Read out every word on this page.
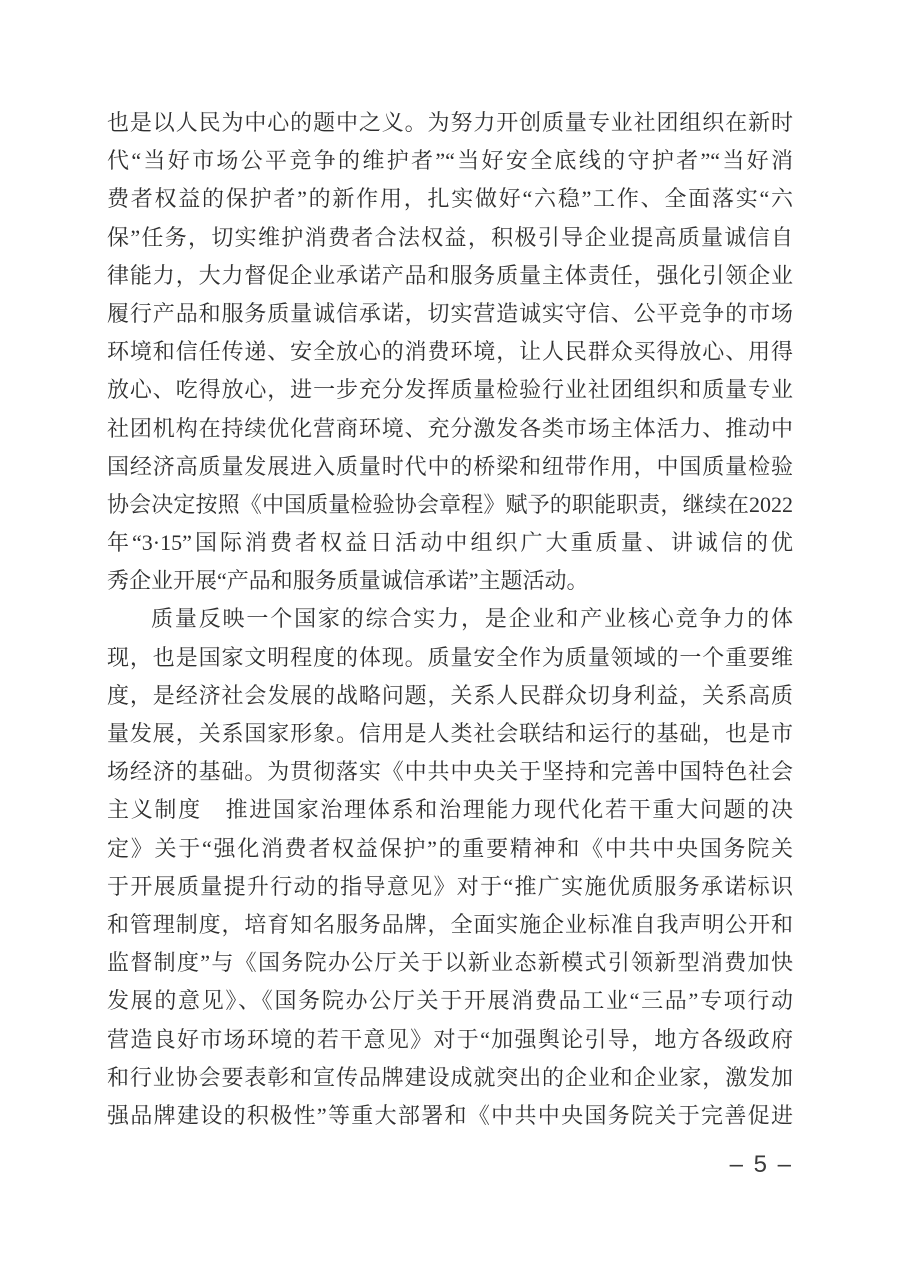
也是以人民为中心的题中之义。为努力开创质量专业社团组织在新时
代“当好市场公平竞争的维护者”“当好安全底线的守护者”“当好消
费者权益的保护者”的新作用，扎实做好“六稳”工作、全面落实“六
保”任务，切实维护消费者合法权益，积极引导企业提高质量诚信自
律能力，大力督促企业承诺产品和服务质量主体责任，强化引领企业
履行产品和服务质量诚信承诺，切实营造诚实守信、公平竞争的市场
环境和信任传递、安全放心的消费环境，让人民群众买得放心、用得
放心、吃得放心，进一步充分发挥质量检验行业社团组织和质量专业
社团机构在持续优化营商环境、充分激发各类市场主体活力、推动中
国经济高质量发展进入质量时代中的桥梁和纽带作用，中国质量检验
协会决定按照《中国质量检验协会章程》赋予的职能职责，继续在2022
年“3·15”国际消费者权益日活动中组织广大重质量、讲诚信的优
秀企业开展“产品和服务质量诚信承诺”主题活动。
质量反映一个国家的综合实力，是企业和产业核心竞争力的体
现，也是国家文明程度的体现。质量安全作为质量领域的一个重要维
度，是经济社会发展的战略问题，关系人民群众切身利益，关系高质
量发展，关系国家形象。信用是人类社会联结和运行的基础，也是市
场经济的基础。为贯彻落实《中共中央关于坚持和完善中国特色社会
主义制度　推进国家治理体系和治理能力现代化若干重大问题的决
定》关于“强化消费者权益保护”的重要精神和《中共中央国务院关
于开展质量提升行动的指导意见》对于“推广实施优质服务承诺标识
和管理制度，培育知名服务品牌，全面实施企业标准自我声明公开和
监督制度”与《国务院办公厅关于以新业态新模式引领新型消费加快
发展的意见》、《国务院办公厅关于开展消费品工业“三品”专项行动
营造良好市场环境的若干意见》对于“加强舆论引导，地方各级政府
和行业协会要表彰和宣传品牌建设成就突出的企业和企业家，激发加
强品牌建设的积极性”等重大部署和《中共中央国务院关于完善促进
– 5 –
